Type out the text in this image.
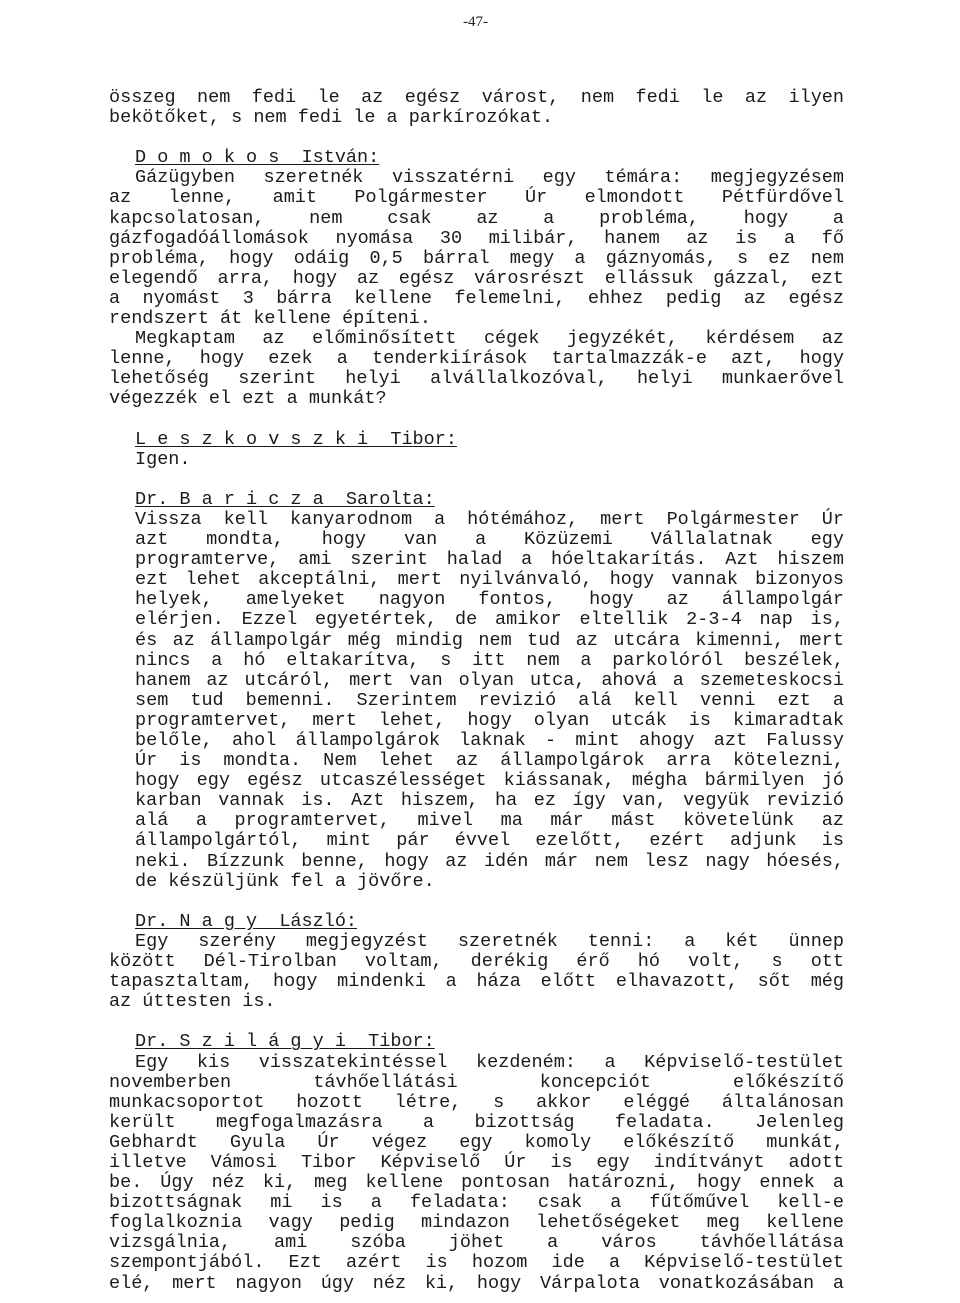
-47-
összeg nem fedi le az egész várost, nem fedi le az ilyen
bekötőket, s nem fedi le a parkírozókat.
D o m o k o s  István:
Gázügyben szeretnék visszatérni egy témára: megjegyzésem
az lenne, amit Polgármester Úr elmondott Pétfürdővel
kapcsolatosan, nem csak az a probléma, hogy a
gázfogadóállomások nyomása 30 milibár, hanem az is a fő
probléma, hogy odáig 0,5 bárral megy a gáznyomás, s ez nem
elegendő arra, hogy az egész városrészt ellássuk gázzal, ezt
a nyomást 3 bárra kellene felemelni, ehhez pedig az egész
rendszert át kellene építeni.
Megkaptam az előminősített cégek jegyzékét, kérdésem az
lenne, hogy ezek a tenderkiírások tartalmazzák-e azt, hogy
lehetőség szerint helyi alvállalkozóval, helyi munkaerővel
végezzék el ezt a munkát?
L e s z k o v s z k i  Tibor:
Igen.
Dr. B a r i c z a  Sarolta:
Vissza kell kanyarodnom a hótémához, mert Polgármester Úr
azt mondta, hogy van a Közüzemi Vállalatnak egy
programterve, ami szerint halad a hóeltakarítás. Azt hiszem
ezt lehet akceptálni, mert nyilvánvaló, hogy vannak bizonyos
helyek, amelyeket nagyon fontos, hogy az állampolgár
elérjen. Ezzel egyetértek, de amikor eltellik 2-3-4 nap is,
és az állampolgár még mindig nem tud az utcára kimenni, mert
nincs a hó eltakarítva, s itt nem a parkolóról beszélek,
hanem az utcáról, mert van olyan utca, ahová a szemeteskocsi
sem tud bemenni. Szerintem revizió alá kell venni ezt a
programtervet, mert lehet, hogy olyan utcák is kimaradtak
belőle, ahol állampolgárok laknak - mint ahogy azt Falussy
Úr is mondta. Nem lehet az állampolgárok arra kötelezni,
hogy egy egész utcaszélességet kiássanak, mégha bármilyen jó
karban vannak is. Azt hiszem, ha ez így van, vegyük revizió
alá a programtervet, mivel ma már mást követelünk az
állampolgártól, mint pár évvel ezelőtt, ezért adjunk is
neki. Bízzunk benne, hogy az idén már nem lesz nagy hóesés,
de készüljünk fel a jövőre.
Dr. N a g y  László:
Egy szerény megjegyzést szeretnék tenni: a két ünnep
között Dél-Tirolban voltam, derékig érő hó volt, s ott
tapasztaltam, hogy mindenki a háza előtt elhavazott, sőt még
az úttesten is.
Dr. S z i l á g y i  Tibor:
Egy kis visszatekintéssel kezdeném: a Képviselő-testület
novemberben távhőellátási koncepciót előkészítő
munkacsoportot hozott létre, s akkor eléggé általánosan
került megfogalmazásra a bizottság feladata. Jelenleg
Gebhardt Gyula Úr végez egy komoly előkészítő munkát,
illetve Vámosi Tibor Képviselő Úr is egy indítványt adott
be. Úgy néz ki, meg kellene pontosan határozni, hogy ennek a
bizottságnak mi is a feladata: csak a fűtőművel kell-e
foglalkoznia vagy pedig mindazon lehetőségeket meg kellene
vizsgálnia, ami szóba jöhet a város távhőellátása
szempontjából. Ezt azért is hozom ide a Képviselő-testület
elé, mert nagyon úgy néz ki, hogy Várpalota vonatkozásában a
